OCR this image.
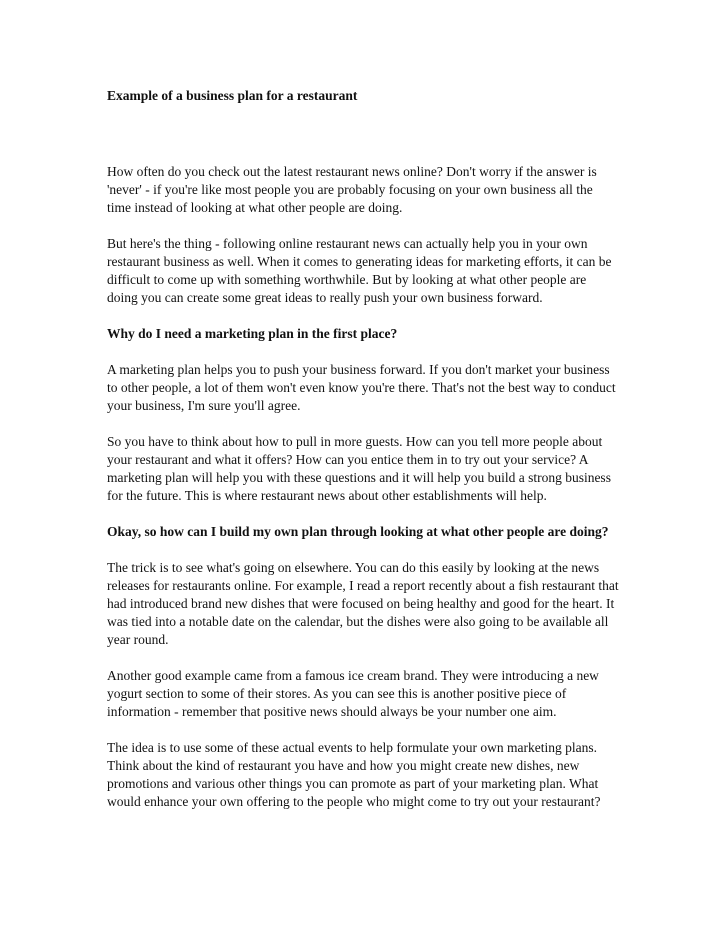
Example of a business plan for a restaurant

How often do you check out the latest restaurant news online? Don't worry if the answer is 'never' - if you're like most people you are probably focusing on your own business all the time instead of looking at what other people are doing.

But here's the thing - following online restaurant news can actually help you in your own restaurant business as well. When it comes to generating ideas for marketing efforts, it can be difficult to come up with something worthwhile. But by looking at what other people are doing you can create some great ideas to really push your own business forward.

Why do I need a marketing plan in the first place?

A marketing plan helps you to push your business forward. If you don't market your business to other people, a lot of them won't even know you're there. That's not the best way to conduct your business, I'm sure you'll agree.

So you have to think about how to pull in more guests. How can you tell more people about your restaurant and what it offers? How can you entice them in to try out your service? A marketing plan will help you with these questions and it will help you build a strong business for the future. This is where restaurant news about other establishments will help.

Okay, so how can I build my own plan through looking at what other people are doing?

The trick is to see what's going on elsewhere. You can do this easily by looking at the news releases for restaurants online. For example, I read a report recently about a fish restaurant that had introduced brand new dishes that were focused on being healthy and good for the heart. It was tied into a notable date on the calendar, but the dishes were also going to be available all year round.

Another good example came from a famous ice cream brand. They were introducing a new yogurt section to some of their stores. As you can see this is another positive piece of information - remember that positive news should always be your number one aim.

The idea is to use some of these actual events to help formulate your own marketing plans. Think about the kind of restaurant you have and how you might create new dishes, new promotions and various other things you can promote as part of your marketing plan. What would enhance your own offering to the people who might come to try out your restaurant?
